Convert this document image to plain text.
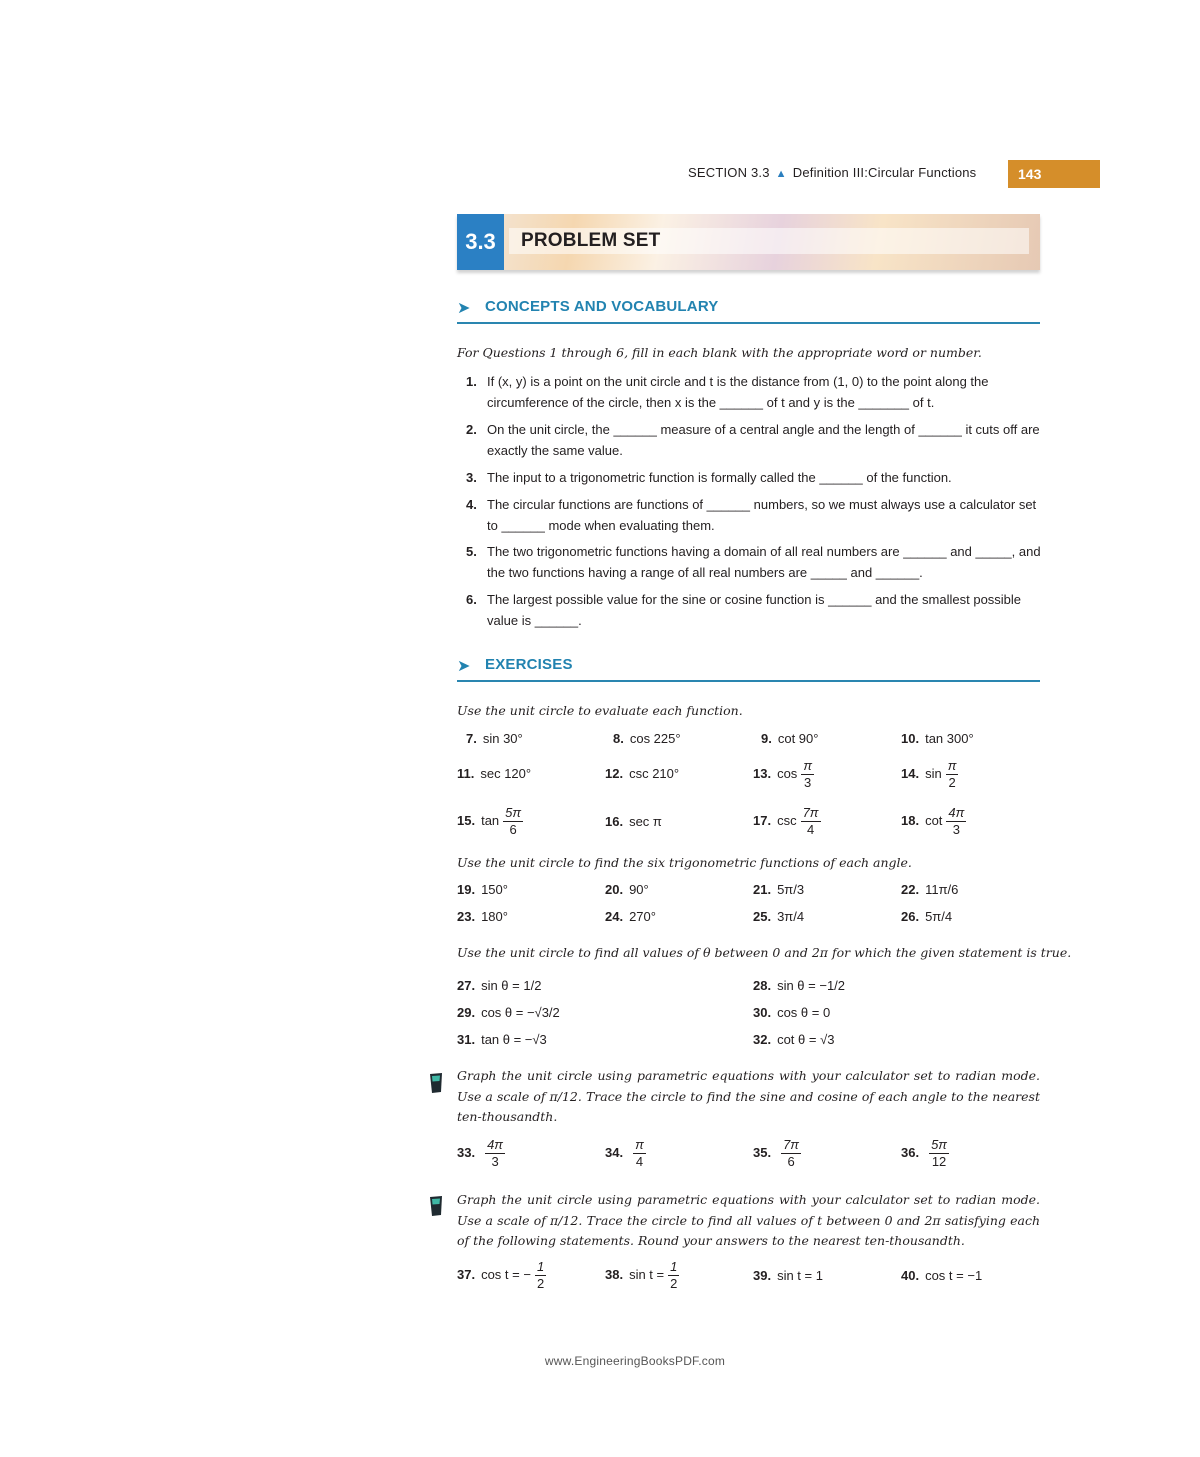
SECTION 3.3 ▲ Definition III:Circular Functions	143
3.3	PROBLEM SET
➤ CONCEPTS AND VOCABULARY
For Questions 1 through 6, fill in each blank with the appropriate word or number.
1. If (x, y) is a point on the unit circle and t is the distance from (1, 0) to the point along the circumference of the circle, then x is the ______ of t and y is the _______ of t.
2. On the unit circle, the ______ measure of a central angle and the length of ______ it cuts off are exactly the same value.
3. The input to a trigonometric function is formally called the ______ of the function.
4. The circular functions are functions of ______ numbers, so we must always use a calculator set to ______ mode when evaluating them.
5. The two trigonometric functions having a domain of all real numbers are ______ and _____, and the two functions having a range of all real numbers are _____ and ______.
6. The largest possible value for the sine or cosine function is ______ and the smallest possible value is ______.
➤ EXERCISES
Use the unit circle to evaluate each function.
7. sin 30°	8. cos 225°	9. cot 90°	10. tan 300°
11. sec 120°	12. csc 210°	13. $\cos \frac{\pi}{3}$	14. $\sin \frac{\pi}{2}$
15. $\tan \frac{5\pi}{6}$	16. sec π	17. $\csc \frac{7\pi}{4}$	18. $\cot \frac{4\pi}{3}$
Use the unit circle to find the six trigonometric functions of each angle.
19. 150°	20. 90°	21. 5π/3	22. 11π/6
23. 180°	24. 270°	25. 3π/4	26. 5π/4
Use the unit circle to find all values of θ between 0 and 2π for which the given statement is true.
27. sin θ = 1/2	28. sin θ = −1/2
29. cos θ = −√3/2	30. cos θ = 0
31. tan θ = −√3	32. cot θ = √3
Graph the unit circle using parametric equations with your calculator set to radian mode. Use a scale of π/12. Trace the circle to find the sine and cosine of each angle to the nearest ten-thousandth.
33. $\frac{4\pi}{3}$	34. $\frac{\pi}{4}$	35. $\frac{7\pi}{6}$	36. $\frac{5\pi}{12}$
Graph the unit circle using parametric equations with your calculator set to radian mode. Use a scale of π/12. Trace the circle to find all values of t between 0 and 2π satisfying each of the following statements. Round your answers to the nearest ten-thousandth.
37. cos t = − $\frac{1}{2}$	38. $\sin t = \frac{1}{2}$	39. sin t = 1	40. cos t = −1
www.EngineeringBooksPDF.com
